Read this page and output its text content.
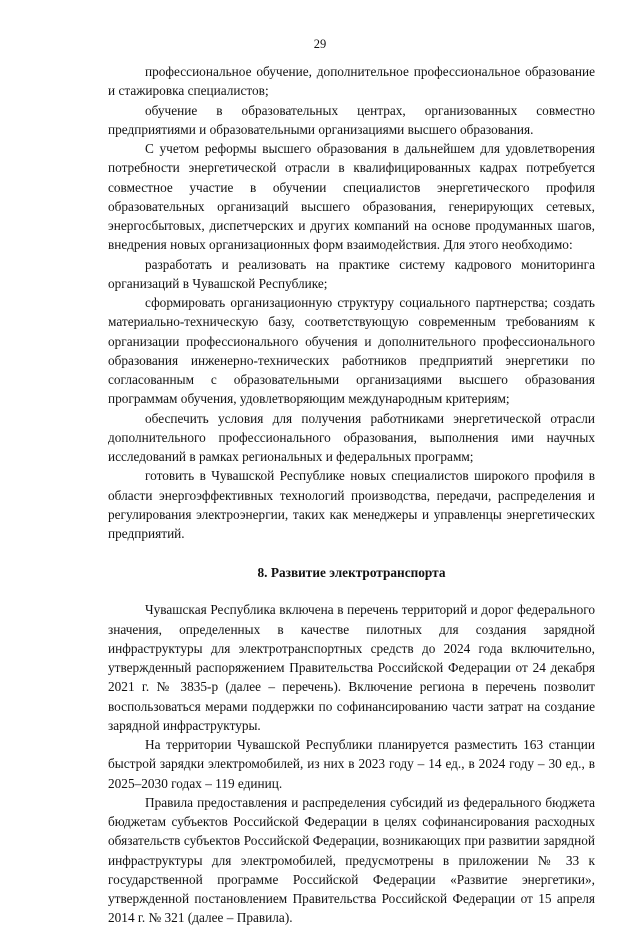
29

профессиональное обучение, дополнительное профессиональное образование и стажировка специалистов;

обучение в образовательных центрах, организованных совместно предприятиями и образовательными организациями высшего образования.

С учетом реформы высшего образования в дальнейшем для удовлетворения потребности энергетической отрасли в квалифицированных кадрах потребуется совместное участие в обучении специалистов энергетического профиля образовательных организаций высшего образования, генерирующих сетевых, энергосбытовых, диспетчерских и других компаний на основе продуманных шагов, внедрения новых организационных форм взаимодействия. Для этого необходимо:

разработать и реализовать на практике систему кадрового мониторинга организаций в Чувашской Республике;

сформировать организационную структуру социального партнерства; создать материально-техническую базу, соответствующую современным требованиям к организации профессионального обучения и дополнительного профессионального образования инженерно-технических работников предприятий энергетики по согласованным с образовательными организациями высшего образования программам обучения, удовлетворяющим международным критериям;

обеспечить условия для получения работниками энергетической отрасли дополнительного профессионального образования, выполнения ими научных исследований в рамках региональных и федеральных программ;

готовить в Чувашской Республике новых специалистов широкого профиля в области энергоэффективных технологий производства, передачи, распределения и регулирования электроэнергии, таких как менеджеры и управленцы энергетических предприятий.

8. Развитие электротранспорта

Чувашская Республика включена в перечень территорий и дорог федерального значения, определенных в качестве пилотных для создания зарядной инфраструктуры для электротранспортных средств до 2024 года включительно, утвержденный распоряжением Правительства Российской Федерации от 24 декабря 2021 г. № 3835-р (далее – перечень). Включение региона в перечень позволит воспользоваться мерами поддержки по софинансированию части затрат на создание зарядной инфраструктуры.

На территории Чувашской Республики планируется разместить 163 станции быстрой зарядки электромобилей, из них в 2023 году – 14 ед., в 2024 году – 30 ед., в 2025–2030 годах – 119 единиц.

Правила предоставления и распределения субсидий из федерального бюджета бюджетам субъектов Российской Федерации в целях софинансирования расходных обязательств субъектов Российской Федерации, возникающих при развитии зарядной инфраструктуры для электромобилей, предусмотрены в приложении № 33 к государственной программе Российской Федерации «Развитие энергетики», утвержденной постановлением Правительства Российской Федерации от 15 апреля 2014 г. № 321 (далее – Правила).
